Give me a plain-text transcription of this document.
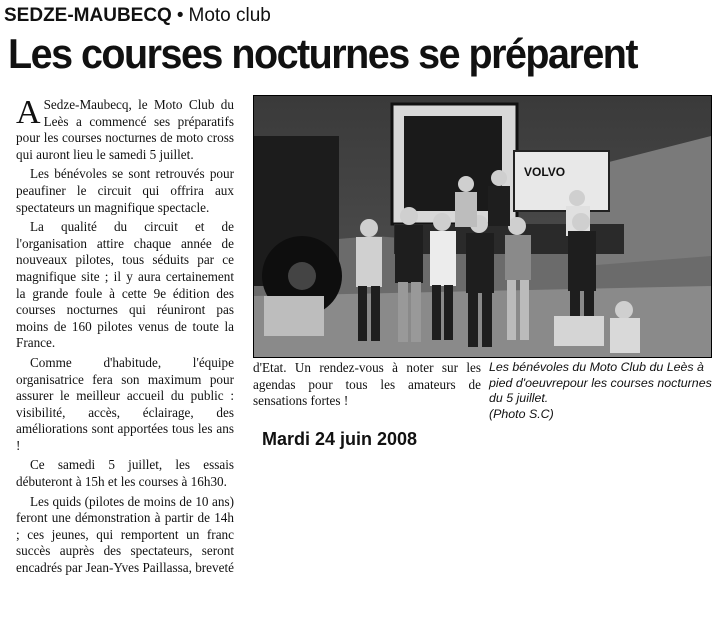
SEDZE-MAUBECQ • Moto club
Les courses nocturnes se préparent

A Sedze-Maubecq, le Moto Club du Leès a commencé ses préparatifs pour les courses nocturnes de moto cross qui auront lieu le samedi 5 juillet.

Les bénévoles se sont retrouvés pour peaufiner le circuit qui offrira aux spectateurs un magnifique spectacle.

La qualité du circuit et de l'organisation attire chaque année de nouveaux pilotes, tous séduits par ce magnifique site ; il y aura certainement la grande foule à cette 9e édition des courses nocturnes qui réuniront pas moins de 160 pilotes venus de toute la France.

Comme d'habitude, l'équipe organisatrice fera son maximum pour assurer le meilleur accueil du public : visibilité, accès, éclairage, des améliorations sont apportées tous les ans !

Ce samedi 5 juillet, les essais débuteront à 15h et les courses à 16h30.

Les quids (pilotes de moins de 10 ans) feront une démonstration à partir de 14h ; ces jeunes, qui remportent un franc succès auprès des spectateurs, seront encadrés par Jean-Yves Paillassa, breveté

VOLVO

d'Etat. Un rendez-vous à noter sur les agendas pour tous les amateurs de sensations fortes !

Les bénévoles du Moto Club du Leès à pied d'oeuvrepour les courses nocturnes du 5 juillet.
(Photo S.C)
Mardi 24 juin 2008
